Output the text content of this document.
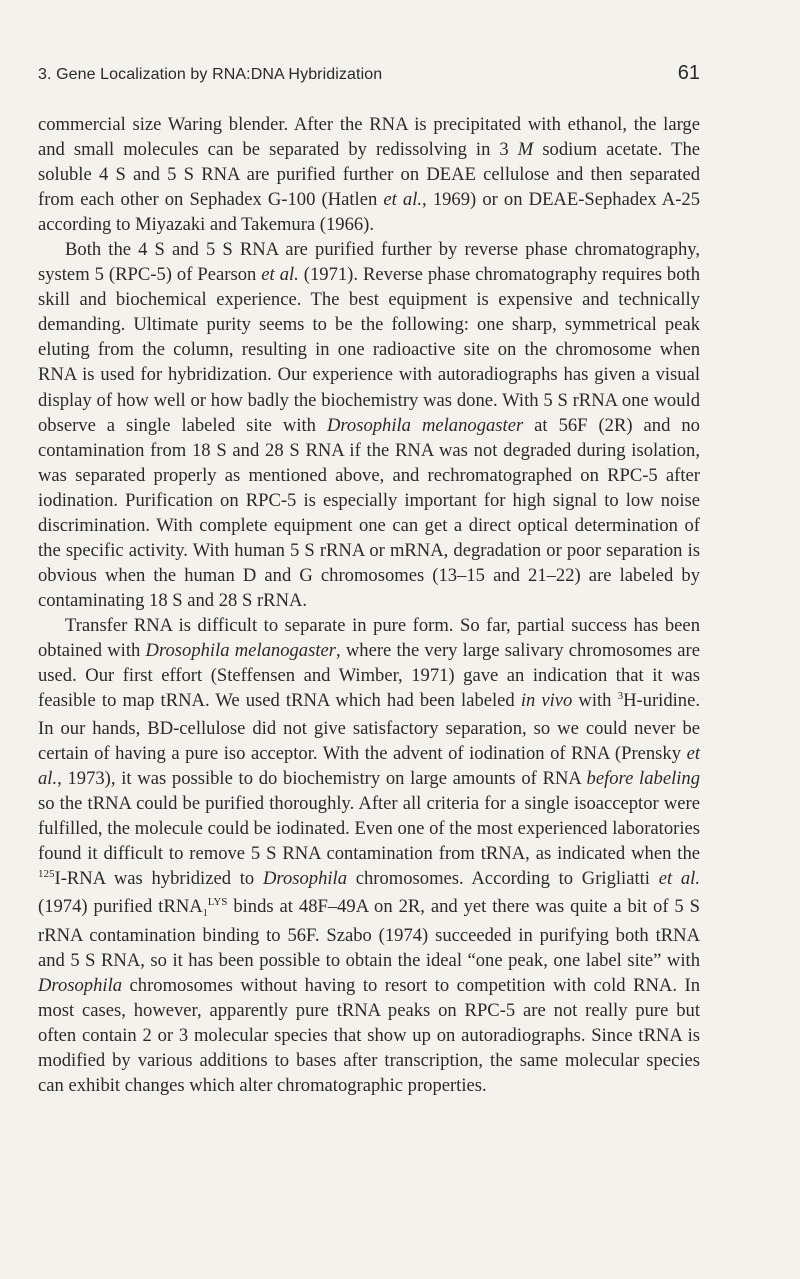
3. Gene Localization by RNA:DNA Hybridization	61

commercial size Waring blender. After the RNA is precipitated with ethanol, the large and small molecules can be separated by redissolving in 3 M sodium acetate. The soluble 4 S and 5 S RNA are purified further on DEAE cellulose and then separated from each other on Sephadex G-100 (Hatlen et al., 1969) or on DEAE-Sephadex A-25 according to Miyazaki and Takemura (1966).

Both the 4 S and 5 S RNA are purified further by reverse phase chromatography, system 5 (RPC-5) of Pearson et al. (1971). Reverse phase chromatography requires both skill and biochemical experience. The best equipment is expensive and technically demanding. Ultimate purity seems to be the following: one sharp, symmetrical peak eluting from the column, resulting in one radioactive site on the chromosome when RNA is used for hybridization. Our experience with autoradiographs has given a visual display of how well or how badly the biochemistry was done. With 5 S rRNA one would observe a single labeled site with Drosophila melanogaster at 56F (2R) and no contamination from 18 S and 28 S RNA if the RNA was not degraded during isolation, was separated properly as mentioned above, and rechromatographed on RPC-5 after iodination. Purification on RPC-5 is especially important for high signal to low noise discrimination. With complete equipment one can get a direct optical determination of the specific activity. With human 5 S rRNA or mRNA, degradation or poor separation is obvious when the human D and G chromosomes (13–15 and 21–22) are labeled by contaminating 18 S and 28 S rRNA.

Transfer RNA is difficult to separate in pure form. So far, partial success has been obtained with Drosophila melanogaster, where the very large salivary chromosomes are used. Our first effort (Steffensen and Wimber, 1971) gave an indication that it was feasible to map tRNA. We used tRNA which had been labeled in vivo with $^3$H-uridine. In our hands, BD-cellulose did not give satisfactory separation, so we could never be certain of having a pure iso acceptor. With the advent of iodination of RNA (Prensky et al., 1973), it was possible to do biochemistry on large amounts of RNA before labeling so the tRNA could be purified thoroughly. After all criteria for a single isoacceptor were fulfilled, the molecule could be iodinated. Even one of the most experienced laboratories found it difficult to remove 5 S RNA contamination from tRNA, as indicated when the $^{125}$I-RNA was hybridized to Drosophila chromosomes. According to Grigliatti et al. (1974) purified tRNA$_1^{LYS}$ binds at 48F–49A on 2R, and yet there was quite a bit of 5 S rRNA contamination binding to 56F. Szabo (1974) succeeded in purifying both tRNA and 5 S RNA, so it has been possible to obtain the ideal “one peak, one label site” with Drosophila chromosomes without having to resort to competition with cold RNA. In most cases, however, apparently pure tRNA peaks on RPC-5 are not really pure but often contain 2 or 3 molecular species that show up on autoradiographs. Since tRNA is modified by various additions to bases after transcription, the same molecular species can exhibit changes which alter chromatographic properties.
